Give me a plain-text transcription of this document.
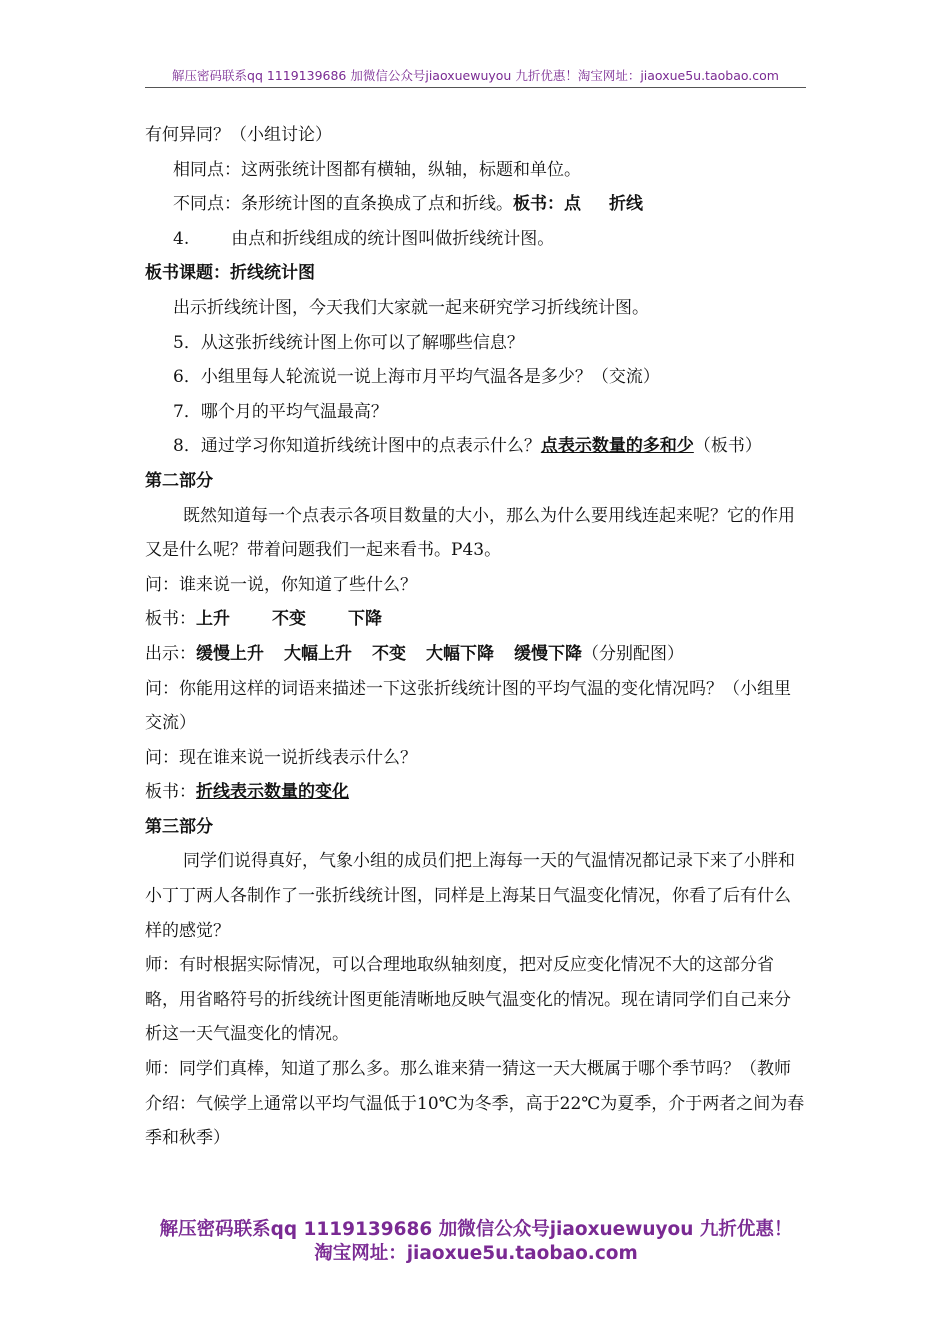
解压密码联系qq 1119139686 加微信公众号jiaoxuewuyou 九折优惠！淘宝网址：jiaoxue5u.taobao.com

有何异同？（小组讨论）

相同点：这两张统计图都有横轴，纵轴，标题和单位。

不同点：条形统计图的直条换成了点和折线。板书：点 折线

4. 由点和折线组成的统计图叫做折线统计图。

板书课题：折线统计图

出示折线统计图，今天我们大家就一起来研究学习折线统计图。

5．从这张折线统计图上你可以了解哪些信息？

6．小组里每人轮流说一说上海市月平均气温各是多少？（交流）

7．哪个月的平均气温最高？

8．通过学习你知道折线统计图中的点表示什么？点表示数量的多和少（板书）

第二部分

既然知道每一个点表示各项目数量的大小，那么为什么要用线连起来呢？它的作用又是什么呢？带着问题我们一起来看书。P43。

问：谁来说一说，你知道了些什么？

板书：上升 不变 下降

出示：缓慢上升 大幅上升 不变 大幅下降 缓慢下降（分别配图）

问：你能用这样的词语来描述一下这张折线统计图的平均气温的变化情况吗？（小组里交流）

问：现在谁来说一说折线表示什么？

板书：折线表示数量的变化

第三部分

同学们说得真好，气象小组的成员们把上海每一天的气温情况都记录下来了小胖和小丁丁两人各制作了一张折线统计图，同样是上海某日气温变化情况，你看了后有什么样的感觉？

师：有时根据实际情况，可以合理地取纵轴刻度，把对反应变化情况不大的这部分省略，用省略符号的折线统计图更能清晰地反映气温变化的情况。现在请同学们自己来分析这一天气温变化的情况。

师：同学们真棒，知道了那么多。那么谁来猜一猜这一天大概属于哪个季节吗？（教师介绍：气候学上通常以平均气温低于10℃为冬季，高于22℃为夏季，介于两者之间为春季和秋季）

解压密码联系qq 1119139686 加微信公众号jiaoxuewuyou 九折优惠！
淘宝网址：jiaoxue5u.taobao.com
